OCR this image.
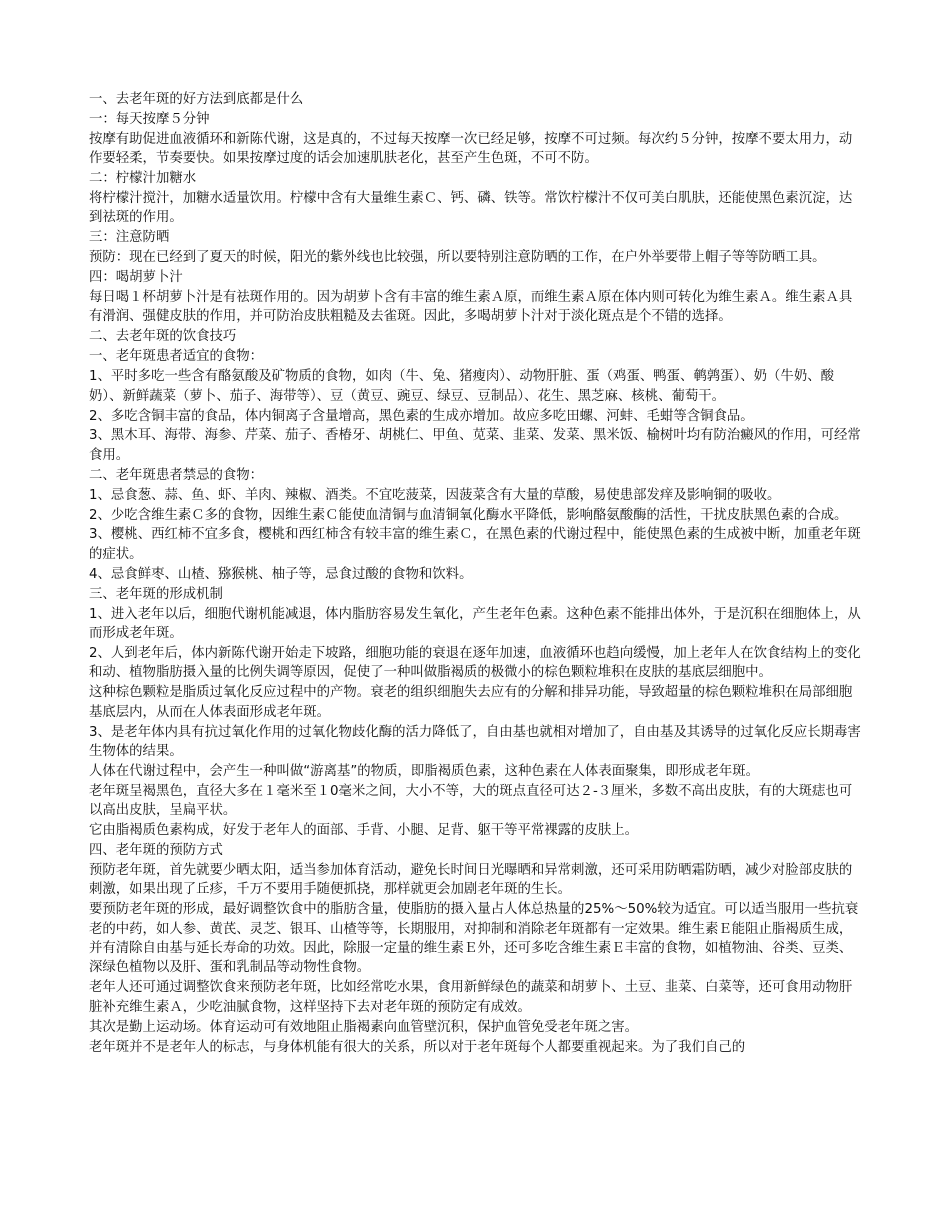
一、去老年斑的好方法到底都是什么

一：每天按摩５分钟

按摩有助促进血液循环和新陈代谢，这是真的，不过每天按摩一次已经足够，按摩不可过频。每次约５分钟，按摩不要太用力，动作要轻柔，节奏要快。如果按摩过度的话会加速肌肤老化，甚至产生色斑，不可不防。

二：柠檬汁加糖水

将柠檬汁搅汁，加糖水适量饮用。柠檬中含有大量维生素Ｃ、钙、磷、铁等。常饮柠檬汁不仅可美白肌肤，还能使黑色素沉淀，达到祛斑的作用。

三：注意防晒

预防：现在已经到了夏天的时候，阳光的紫外线也比较强，所以要特别注意防晒的工作，在户外举要带上帽子等等防晒工具。

四：喝胡萝卜汁

每日喝１杯胡萝卜汁是有祛斑作用的。因为胡萝卜含有丰富的维生素Ａ原，而维生素Ａ原在体内则可转化为维生素Ａ。维生素Ａ具有滑润、强健皮肤的作用，并可防治皮肤粗糙及去雀斑。因此，多喝胡萝卜汁对于淡化斑点是个不错的选择。

二、去老年斑的饮食技巧

一、老年斑患者适宜的食物：

1、平时多吃一些含有酪氨酸及矿物质的食物，如肉（牛、兔、猪瘦肉）、动物肝脏、蛋（鸡蛋、鸭蛋、鹌鹑蛋）、奶（牛奶、酸奶）、新鲜蔬菜（萝卜、茄子、海带等）、豆（黄豆、豌豆、绿豆、豆制品）、花生、黑芝麻、核桃、葡萄干。

2、多吃含铜丰富的食品，体内铜离子含量增高，黑色素的生成亦增加。故应多吃田螺、河蚌、毛蚶等含铜食品。

3、黑木耳、海带、海参、芹菜、茄子、香椿牙、胡桃仁、甲鱼、苋菜、韭菜、发菜、黑米饭、榆树叶均有防治癜风的作用，可经常食用。

二、老年斑患者禁忌的食物：

1、忌食葱、蒜、鱼、虾、羊肉、辣椒、酒类。不宜吃菠菜，因菠菜含有大量的草酸，易使患部发痒及影响铜的吸收。

2、少吃含维生素Ｃ多的食物，因维生素Ｃ能使血清铜与血清铜氧化酶水平降低，影响酪氨酸酶的活性，干扰皮肤黑色素的合成。

3、樱桃、西红柿不宜多食，樱桃和西红柿含有较丰富的维生素Ｃ，在黑色素的代谢过程中，能使黑色素的生成被中断，加重老年斑的症状。

4、忌食鲜枣、山楂、猕猴桃、柚子等，忌食过酸的食物和饮料。

三、老年斑的形成机制

1、进入老年以后，细胞代谢机能减退，体内脂肪容易发生氧化，产生老年色素。这种色素不能排出体外，于是沉积在细胞体上，从而形成老年斑。

2、人到老年后，体内新陈代谢开始走下坡路，细胞功能的衰退在逐年加速，血液循环也趋向缓慢，加上老年人在饮食结构上的变化和动、植物脂肪摄入量的比例失调等原因，促使了一种叫做脂褐质的极微小的棕色颗粒堆积在皮肤的基底层细胞中。

这种棕色颗粒是脂质过氧化反应过程中的产物。衰老的组织细胞失去应有的分解和排异功能，导致超量的棕色颗粒堆积在局部细胞基底层内，从而在人体表面形成老年斑。

3、是老年体内具有抗过氧化作用的过氧化物歧化酶的活力降低了，自由基也就相对增加了，自由基及其诱导的过氧化反应长期毒害生物体的结果。

人体在代谢过程中，会产生一种叫做“游离基”的物质，即脂褐质色素，这种色素在人体表面聚集，即形成老年斑。

老年斑呈褐黑色，直径大多在１毫米至１0毫米之间，大小不等，大的斑点直径可达２-３厘米，多数不高出皮肤，有的大斑痣也可以高出皮肤，呈扁平状。

它由脂褐质色素构成，好发于老年人的面部、手背、小腿、足背、躯干等平常裸露的皮肤上。

四、老年斑的预防方式

预防老年斑，首先就要少晒太阳，适当参加体育活动，避免长时间日光曝晒和异常刺激，还可采用防晒霜防晒，减少对脸部皮肤的刺激，如果出现了丘疹，千万不要用手随便抓挠，那样就更会加剧老年斑的生长。

要预防老年斑的形成，最好调整饮食中的脂肪含量，使脂肪的摄入量占人体总热量的25%～50%较为适宜。可以适当服用一些抗衰老的中药，如人参、黄芪、灵芝、银耳、山楂等等，长期服用，对抑制和消除老年斑都有一定效果。维生素Ｅ能阻止脂褐质生成，并有清除自由基与延长寿命的功效。因此，除服一定量的维生素Ｅ外，还可多吃含维生素Ｅ丰富的食物，如植物油、谷类、豆类、深绿色植物以及肝、蛋和乳制品等动物性食物。

老年人还可通过调整饮食来预防老年斑，比如经常吃水果，食用新鲜绿色的蔬菜和胡萝卜、土豆、韭菜、白菜等，还可食用动物肝脏补充维生素Ａ，少吃油腻食物，这样坚持下去对老年斑的预防定有成效。

其次是勤上运动场。体育运动可有效地阻止脂褐素向血管壁沉积，保护血管免受老年斑之害。

老年斑并不是老年人的标志，与身体机能有很大的关系，所以对于老年斑每个人都要重视起来。为了我们自己的
